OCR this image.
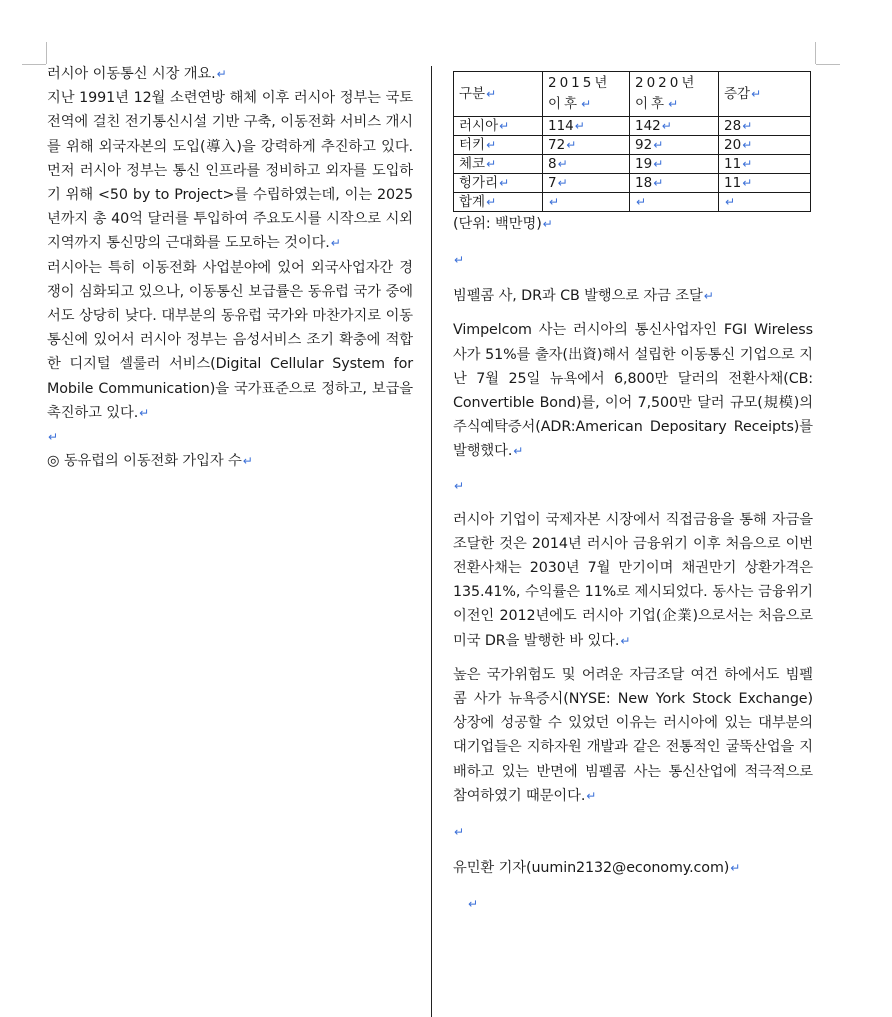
러시아 이동통신 시장 개요.↵

지난 1991년 12월 소련연방 해체 이후 러시아 정부는 국토 전역에 걸친 전기통신시설 기반 구축, 이동전화 서비스 개시를 위해 외국자본의 도입(導入)을 강력하게 추진하고 있다. 먼저 러시아 정부는 통신 인프라를 정비하고 외자를 도입하기 위해 <50 by to Project>를 수립하였는데, 이는 2025년까지 총 40억 달러를 투입하여 주요도시를 시작으로 시외지역까지 통신망의 근대화를 도모하는 것이다.↵

러시아는 특히 이동전화 사업분야에 있어 외국사업자간 경쟁이 심화되고 있으나, 이동통신 보급률은 동유럽 국가 중에서도 상당히 낮다. 대부분의 동유럽 국가와 마찬가지로 이동통신에 있어서 러시아 정부는 음성서비스 조기 확충에 적합한 디지털 셀룰러 서비스(Digital Cellular System for Mobile Communication)을 국가표준으로 정하고, 보급을 촉진하고 있다.↵

↵

◎ 동유럽의 이동전화 가입자 수↵

구분↵	2015년 이후↵	2020년 이후↵	증감↵
러시아↵	114↵	142↵	28↵
터키↵	72↵	92↵	20↵
체코↵	8↵	19↵	11↵
헝가리↵	7↵	18↵	11↵
합계↵	↵	↵	↵

(단위: 백만명)↵

↵

빔펠콤 사, DR과 CB 발행으로 자금 조달↵

Vimpelcom 사는 러시아의 통신사업자인 FGI Wireless 사가 51%를 출자(出資)해서 설립한 이동통신 기업으로 지난 7월 25일 뉴욕에서 6,800만 달러의 전환사채(CB: Convertible Bond)를, 이어 7,500만 달러 규모(規模)의 주식예탁증서(ADR:American Depositary Receipts)를 발행했다.↵

↵

러시아 기업이 국제자본 시장에서 직접금융을 통해 자금을 조달한 것은 2014년 러시아 금융위기 이후 처음으로 이번 전환사채는 2030년 7월 만기이며 채권만기 상환가격은 135.41%, 수익률은 11%로 제시되었다. 동사는 금융위기 이전인 2012년에도 러시아 기업(企業)으로서는 처음으로 미국 DR을 발행한 바 있다.↵

높은 국가위험도 및 어려운 자금조달 여건 하에서도 빔펠콤 사가 뉴욕증시(NYSE: New York Stock Exchange) 상장에 성공할 수 있었던 이유는 러시아에 있는 대부분의 대기업들은 지하자원 개발과 같은 전통적인 굴뚝산업을 지배하고 있는 반면에 빔펠콤 사는 통신산업에 적극적으로 참여하였기 때문이다.↵

↵

유민환 기자(uumin2132@economy.com)↵

↵
